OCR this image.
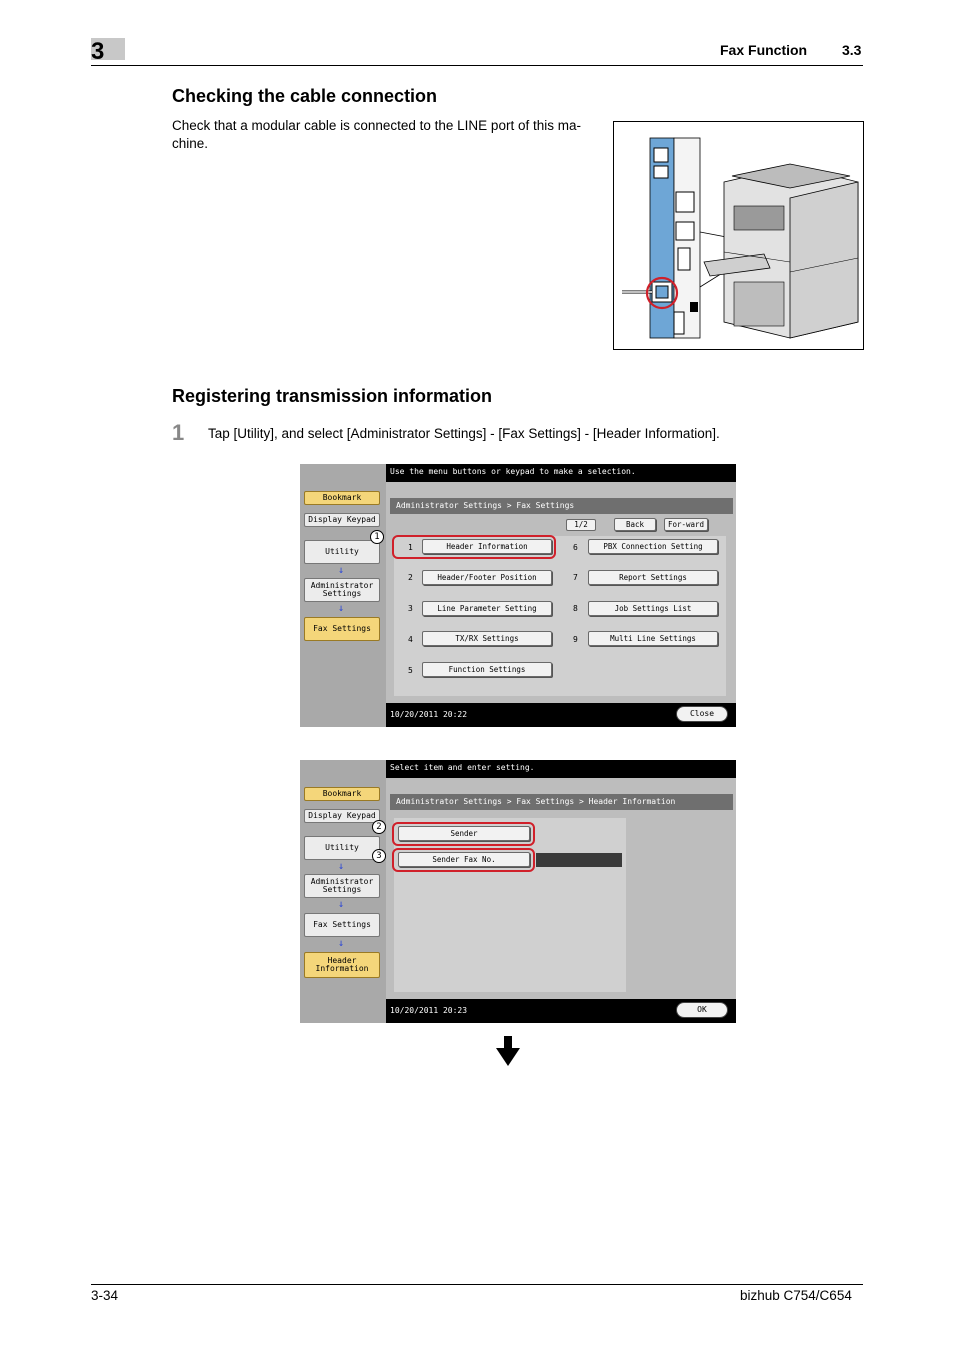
3	Fax Function 3.3
Checking the cable connection
Check that a modular cable is connected to the LINE port of this ma-chine.
Registering transmission information
1 Tap [Utility], and select [Administrator Settings] - [Fax Settings] - [Header Information].
Use the menu buttons or keypad to make a selection.
Bookmark
Display Keypad
Utility
↓
Administrator Settings
↓
Fax Settings
Administrator Settings > Fax Settings
1/2	Back	For-ward
1	Header Information
2	Header/Footer Position
3	Line Parameter Setting
4	TX/RX Settings
5	Function Settings
6	PBX Connection Setting
7	Report Settings
8	Job Settings List
9	Multi Line Settings
1
10/20/2011 20:22	Close
Select item and enter setting.
Bookmark
Display Keypad
Utility
↓
Administrator Settings
↓
Fax Settings
↓
Header Information
Administrator Settings > Fax Settings > Header Information
Sender
Sender Fax No.
2
3
10/20/2011 20:23	OK
3-34	bizhub C754/C654
